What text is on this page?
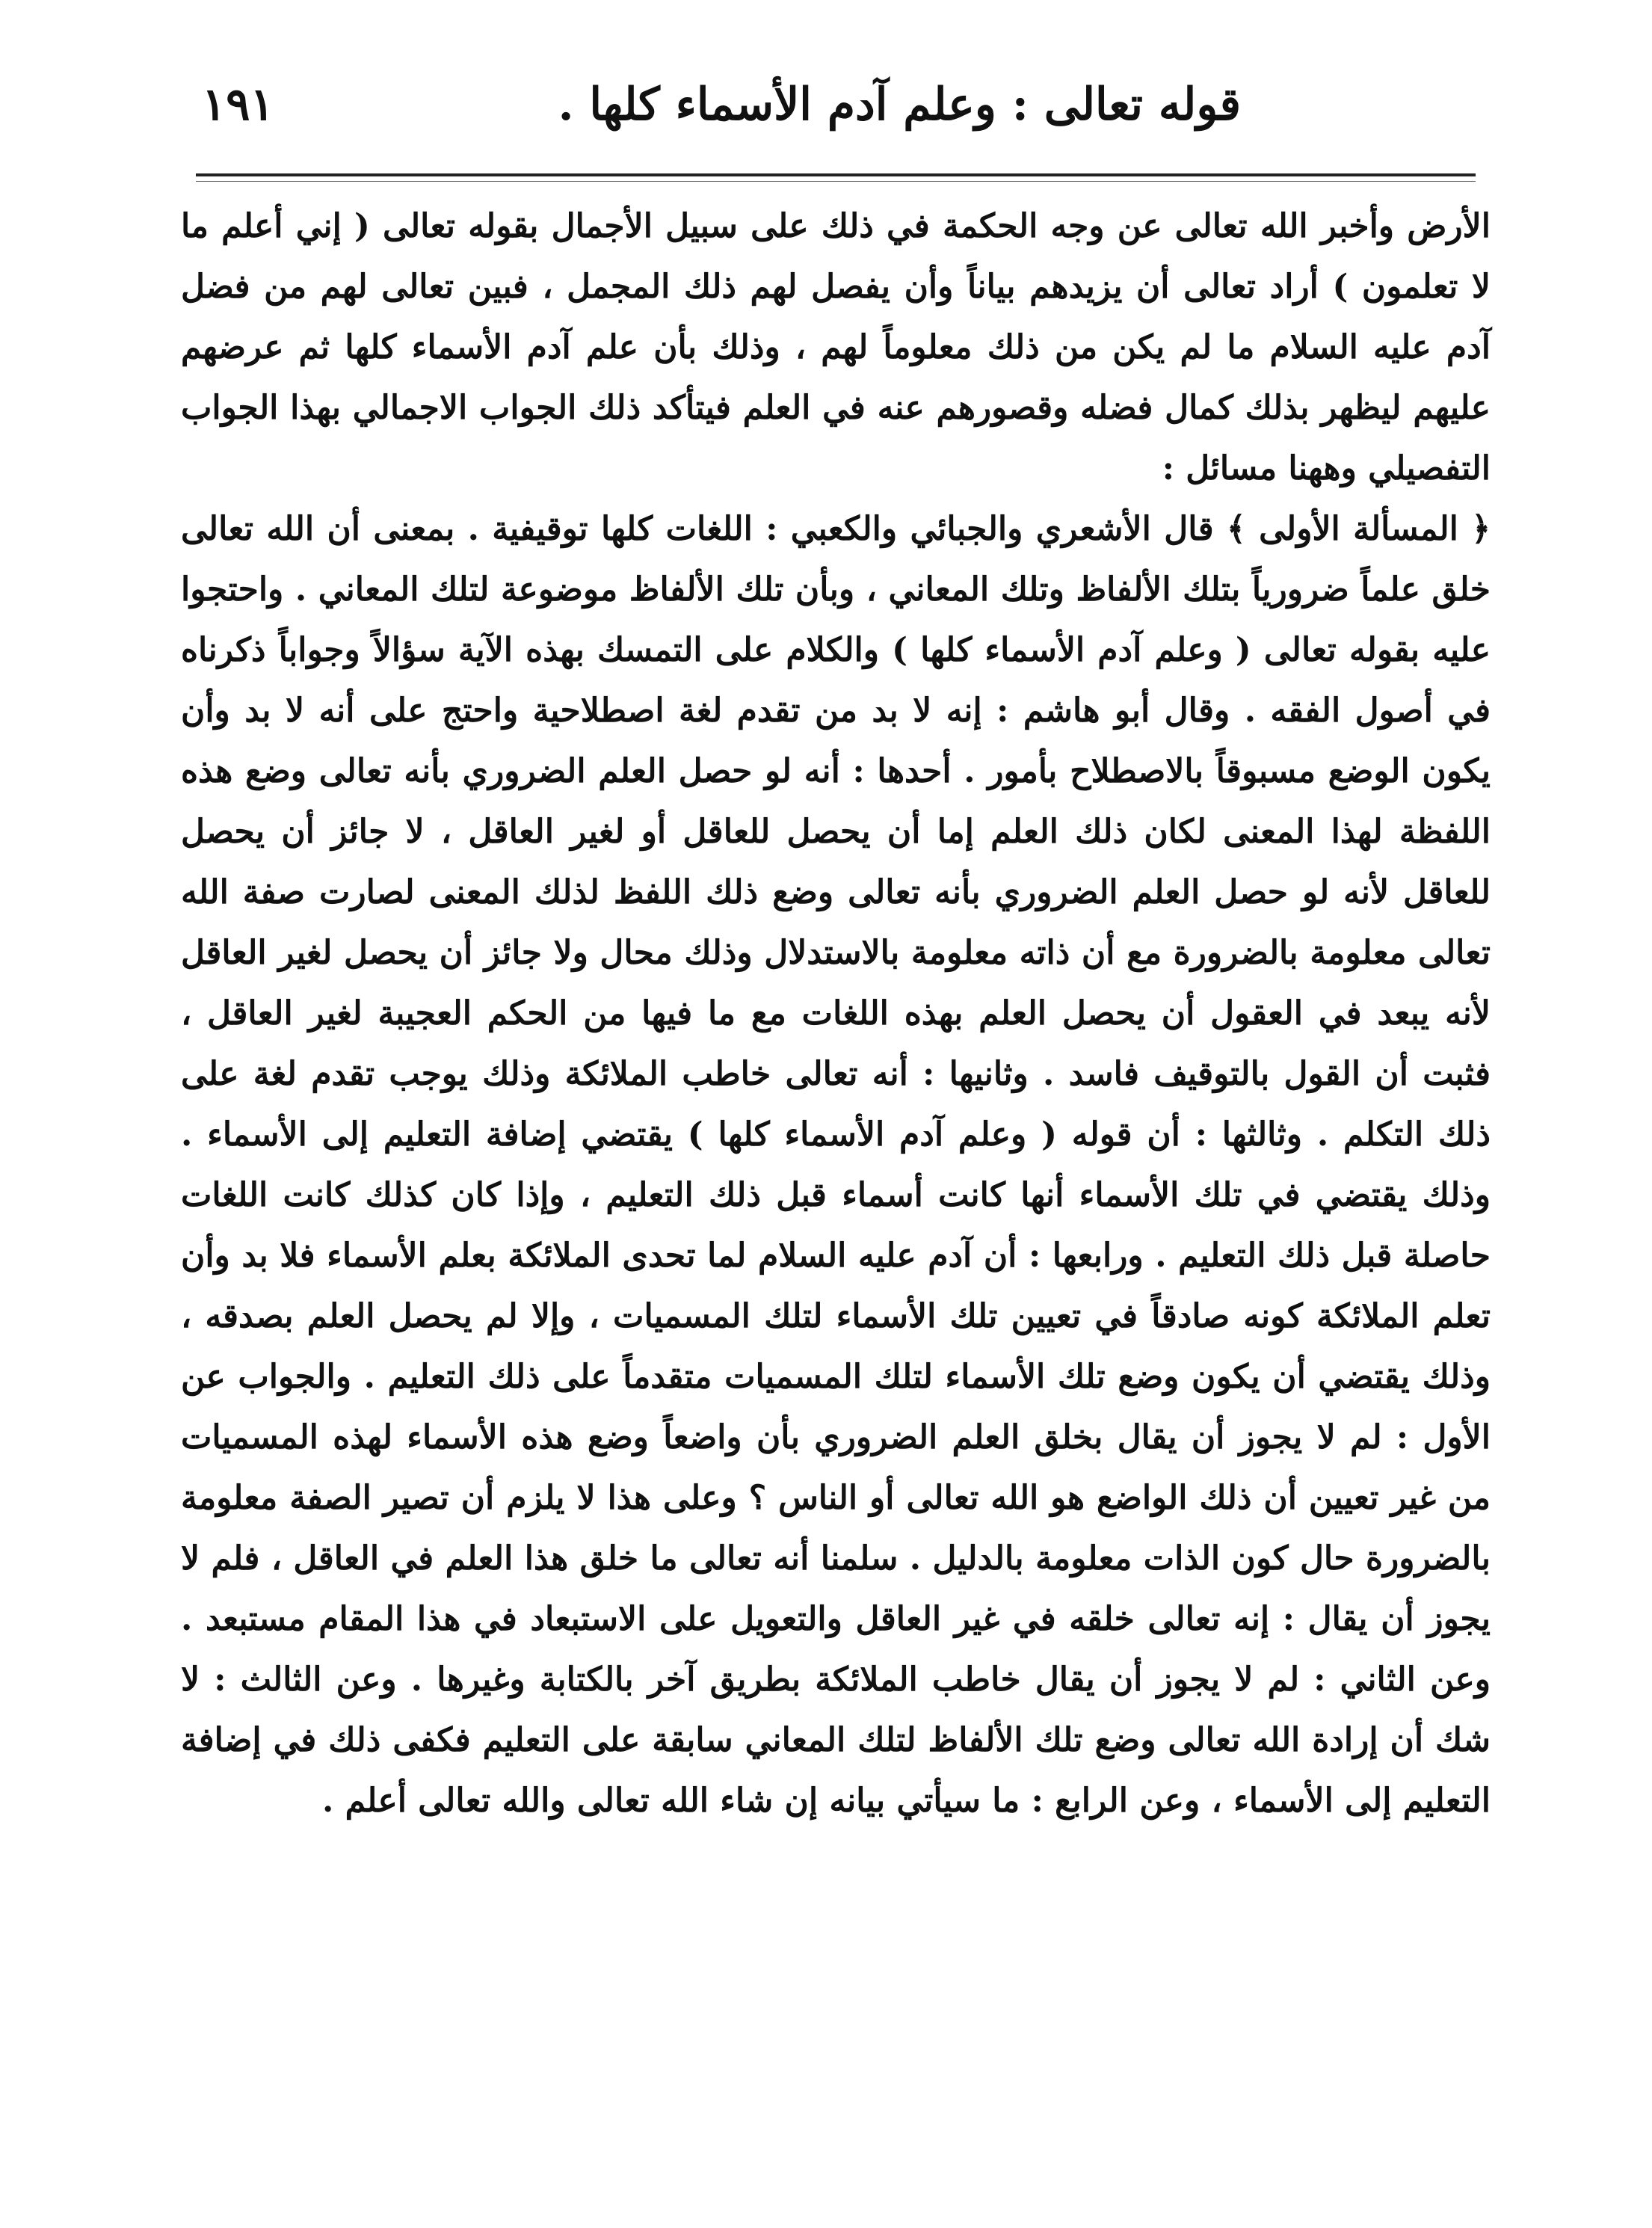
قوله تعالى : وعلم آدم الأسماء كلها .
١٩١

الأرض وأخبر الله تعالى عن وجه الحكمة في ذلك على سبيل الأجمال بقوله تعالى ( إني أعلم ما لا تعلمون ) أراد تعالى أن يزيدهم بياناً وأن يفصل لهم ذلك المجمل ، فبين تعالى لهم من فضل آدم عليه السلام ما لم يكن من ذلك معلوماً لهم ، وذلك بأن علم آدم الأسماء كلها ثم عرضهم عليهم ليظهر بذلك كمال فضله وقصورهم عنه في العلم فيتأكد ذلك الجواب الاجمالي بهذا الجواب التفصيلي وههنا مسائل :

﴿ المسألة الأولى ﴾ قال الأشعري والجبائي والكعبي : اللغات كلها توقيفية . بمعنى أن الله تعالى خلق علماً ضرورياً بتلك الألفاظ وتلك المعاني ، وبأن تلك الألفاظ موضوعة لتلك المعاني . واحتجوا عليه بقوله تعالى ( وعلم آدم الأسماء كلها ) والكلام على التمسك بهذه الآية سؤالاً وجواباً ذكرناه في أصول الفقه . وقال أبو هاشم : إنه لا بد من تقدم لغة اصطلاحية واحتج على أنه لا بد وأن يكون الوضع مسبوقاً بالاصطلاح بأمور . أحدها : أنه لو حصل العلم الضروري بأنه تعالى وضع هذه اللفظة لهذا المعنى لكان ذلك العلم إما أن يحصل للعاقل أو لغير العاقل ، لا جائز أن يحصل للعاقل لأنه لو حصل العلم الضروري بأنه تعالى وضع ذلك اللفظ لذلك المعنى لصارت صفة الله تعالى معلومة بالضرورة مع أن ذاته معلومة بالاستدلال وذلك محال ولا جائز أن يحصل لغير العاقل لأنه يبعد في العقول أن يحصل العلم بهذه اللغات مع ما فيها من الحكم العجيبة لغير العاقل ، فثبت أن القول بالتوقيف فاسد . وثانيها : أنه تعالى خاطب الملائكة وذلك يوجب تقدم لغة على ذلك التكلم . وثالثها : أن قوله ( وعلم آدم الأسماء كلها ) يقتضي إضافة التعليم إلى الأسماء . وذلك يقتضي في تلك الأسماء أنها كانت أسماء قبل ذلك التعليم ، وإذا كان كذلك كانت اللغات حاصلة قبل ذلك التعليم . ورابعها : أن آدم عليه السلام لما تحدى الملائكة بعلم الأسماء فلا بد وأن تعلم الملائكة كونه صادقاً في تعيين تلك الأسماء لتلك المسميات ، وإلا لم يحصل العلم بصدقه ، وذلك يقتضي أن يكون وضع تلك الأسماء لتلك المسميات متقدماً على ذلك التعليم . والجواب عن الأول : لم لا يجوز أن يقال بخلق العلم الضروري بأن واضعاً وضع هذه الأسماء لهذه المسميات من غير تعيين أن ذلك الواضع هو الله تعالى أو الناس ؟ وعلى هذا لا يلزم أن تصير الصفة معلومة بالضرورة حال كون الذات معلومة بالدليل . سلمنا أنه تعالى ما خلق هذا العلم في العاقل ، فلم لا يجوز أن يقال : إنه تعالى خلقه في غير العاقل والتعويل على الاستبعاد في هذا المقام مستبعد . وعن الثاني : لم لا يجوز أن يقال خاطب الملائكة بطريق آخر بالكتابة وغيرها . وعن الثالث : لا شك أن إرادة الله تعالى وضع تلك الألفاظ لتلك المعاني سابقة على التعليم فكفى ذلك في إضافة التعليم إلى الأسماء ، وعن الرابع : ما سيأتي بيانه إن شاء الله تعالى والله تعالى أعلم .
